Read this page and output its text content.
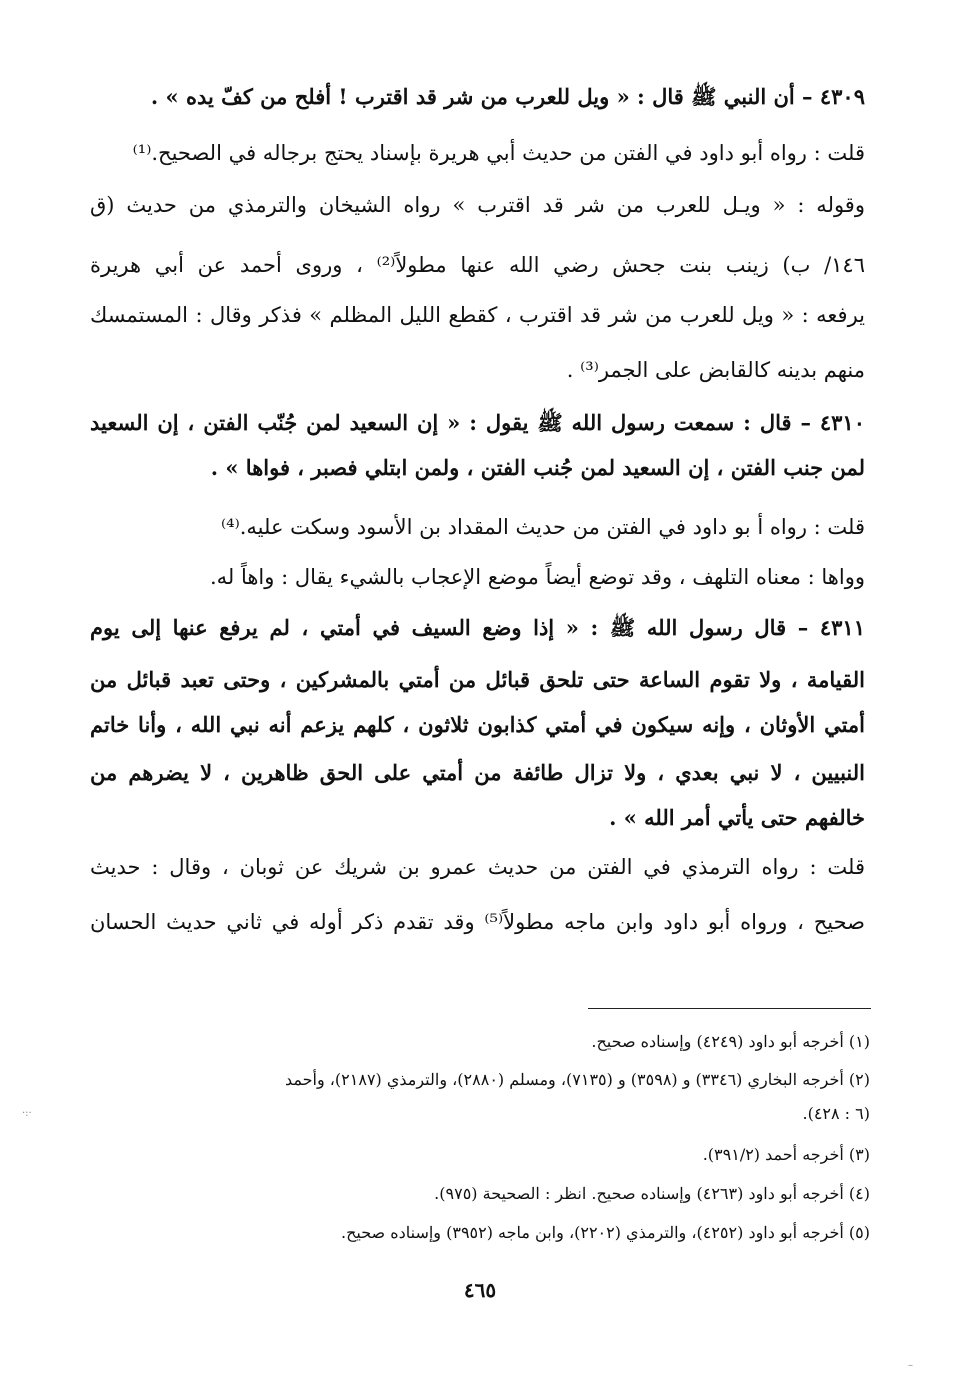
٤٣٠٩ – أن النبي ﷺ قال : « ويل للعرب من شر قد اقترب ! أفلح من كفّ يده » .
قلت : رواه أبو داود في الفتن من حديث أبي هريرة بإسناد يحتج برجاله في الصحيح.⁽¹⁾
وقوله : « ويـل للعرب من شر قد اقترب » رواه الشيخان والترمذي من حديث (ق
١٤٦/ ب) زينب بنت جحش رضي الله عنها مطولاً⁽²⁾ ، وروى أحمد عن أبي هريرة
يرفعه : « ويل للعرب من شر قد اقترب ، كقطع الليل المظلم » فذكر وقال : المستمسك
منهم بدينه كالقابض على الجمر⁽³⁾ .
٤٣١٠ – قال : سمعت رسول الله ﷺ يقول : « إن السعيد لمن جُنّب الفتن ، إن السعيد
لمن جنب الفتن ، إن السعيد لمن جُنب الفتن ، ولمن ابتلي فصبر ، فواها » .
قلت : رواه أ بو داود في الفتن من حديث المقداد بن الأسود وسكت عليه.⁽⁴⁾
وواها : معناه التلهف ، وقد توضع أيضاً موضع الإعجاب بالشيء يقال : واهاً له.
٤٣١١ – قال رسول الله ﷺ : « إذا وضع السيف في أمتي ، لم يرفع عنها إلى يوم
القيامة ، ولا تقوم الساعة حتى تلحق قبائل من أمتي بالمشركين ، وحتى تعبد قبائل من
أمتي الأوثان ، وإنه سيكون في أمتي كذابون ثلاثون ، كلهم يزعم أنه نبي الله ، وأنا خاتم
النبيين ، لا نبي بعدي ، ولا تزال طائفة من أمتي على الحق ظاهرين ، لا يضرهم من
خالفهم حتى يأتي أمر الله » .
قلت : رواه الترمذي في الفتن من حديث عمرو بن شريك عن ثوبان ، وقال : حديث
صحيح ، ورواه أبو داود وابن ماجه مطولاً⁽⁵⁾ وقد تقدم ذكر أوله في ثاني حديث الحسان
(١) أخرجه أبو داود (٤٢٤٩) وإسناده صحيح.
(٢) أخرجه البخاري (٣٣٤٦) و (٣٥٩٨) و (٧١٣٥)، ومسلم (٢٨٨٠)، والترمذي (٢١٨٧)، وأحمد
(٦ : ٤٢٨).
(٣) أخرجه أحمد (٣٩١/٢).
(٤) أخرجه أبو داود (٤٢٦٣) وإسناده صحيح. انظر : الصحيحة (٩٧٥).
(٥) أخرجه أبو داود (٤٢٥٢)، والترمذي (٢٢٠٢)، وابن ماجه (٣٩٥٢) وإسناده صحيح.
٤٦٥
·:·
–
